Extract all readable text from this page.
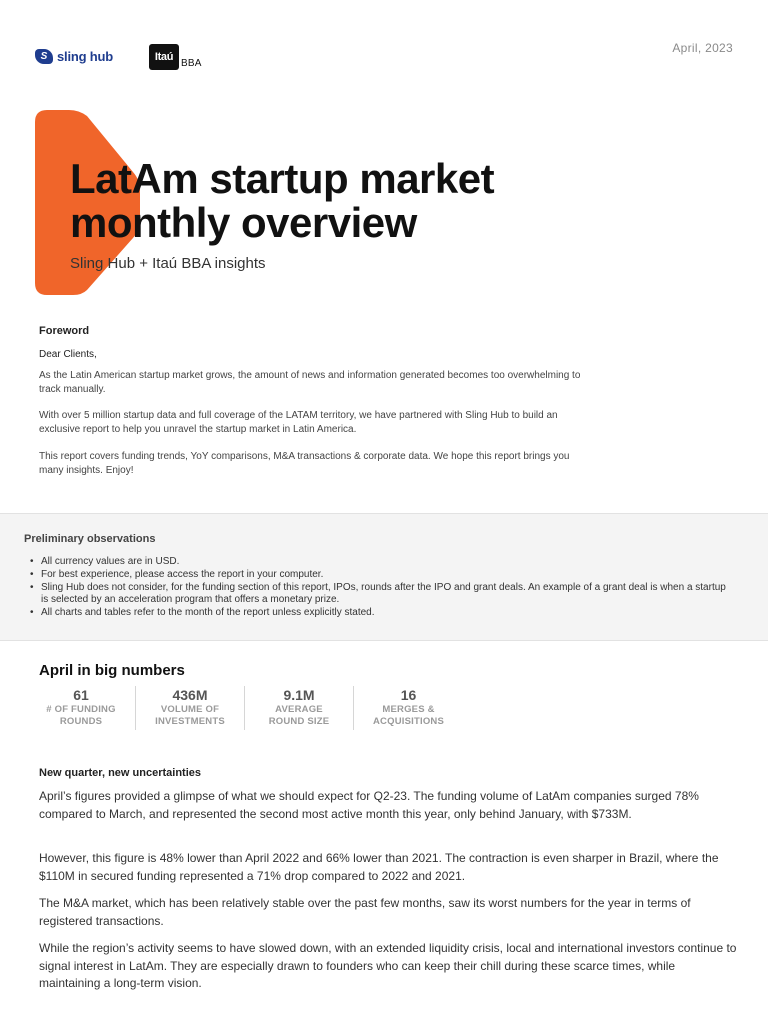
April, 2023
S sling hub	Itaú
BBA
LatAm startup market
monthly overview
Sling Hub + Itaú BBA insights
Foreword
Dear Clients,

As the Latin American startup market grows, the amount of news and information generated becomes too overwhelming to track manually.

With over 5 million startup data and full coverage of the LATAM territory, we have partnered with Sling Hub to build an exclusive report to help you unravel the startup market in Latin America.

This report covers funding trends, YoY comparisons, M&A transactions & corporate data. We hope this report brings you many insights. Enjoy!

Preliminary observations
• All currency values are in USD.
• For best experience, please access the report in your computer.
• Sling Hub does not consider, for the funding section of this report, IPOs, rounds after the IPO and grant deals. An example of a grant deal is when a startup is selected by an acceleration program that offers a monetary prize.
• All charts and tables refer to the month of the report unless explicitly stated.
April in big numbers
61
# OF FUNDING
ROUNDS
436M
VOLUME OF
INVESTMENTS
9.1M
AVERAGE
ROUND SIZE
16
MERGES &
ACQUISITIONS
New quarter, new uncertainties

April’s figures provided a glimpse of what we should expect for Q2-23. The funding volume of LatAm companies surged 78% compared to March, and represented the second most active month this year, only behind January, with $733M.

However, this figure is 48% lower than April 2022 and 66% lower than 2021. The contraction is even sharper in Brazil, where the $110M in secured funding represented a 71% drop compared to 2022 and 2021.

The M&A market, which has been relatively stable over the past few months, saw its worst numbers for the year in terms of registered transactions.

While the region’s activity seems to have slowed down, with an extended liquidity crisis, local and international investors continue to signal interest in LatAm. They are especially drawn to founders who can keep their chill during these scarce times, while maintaining a long-term vision.
